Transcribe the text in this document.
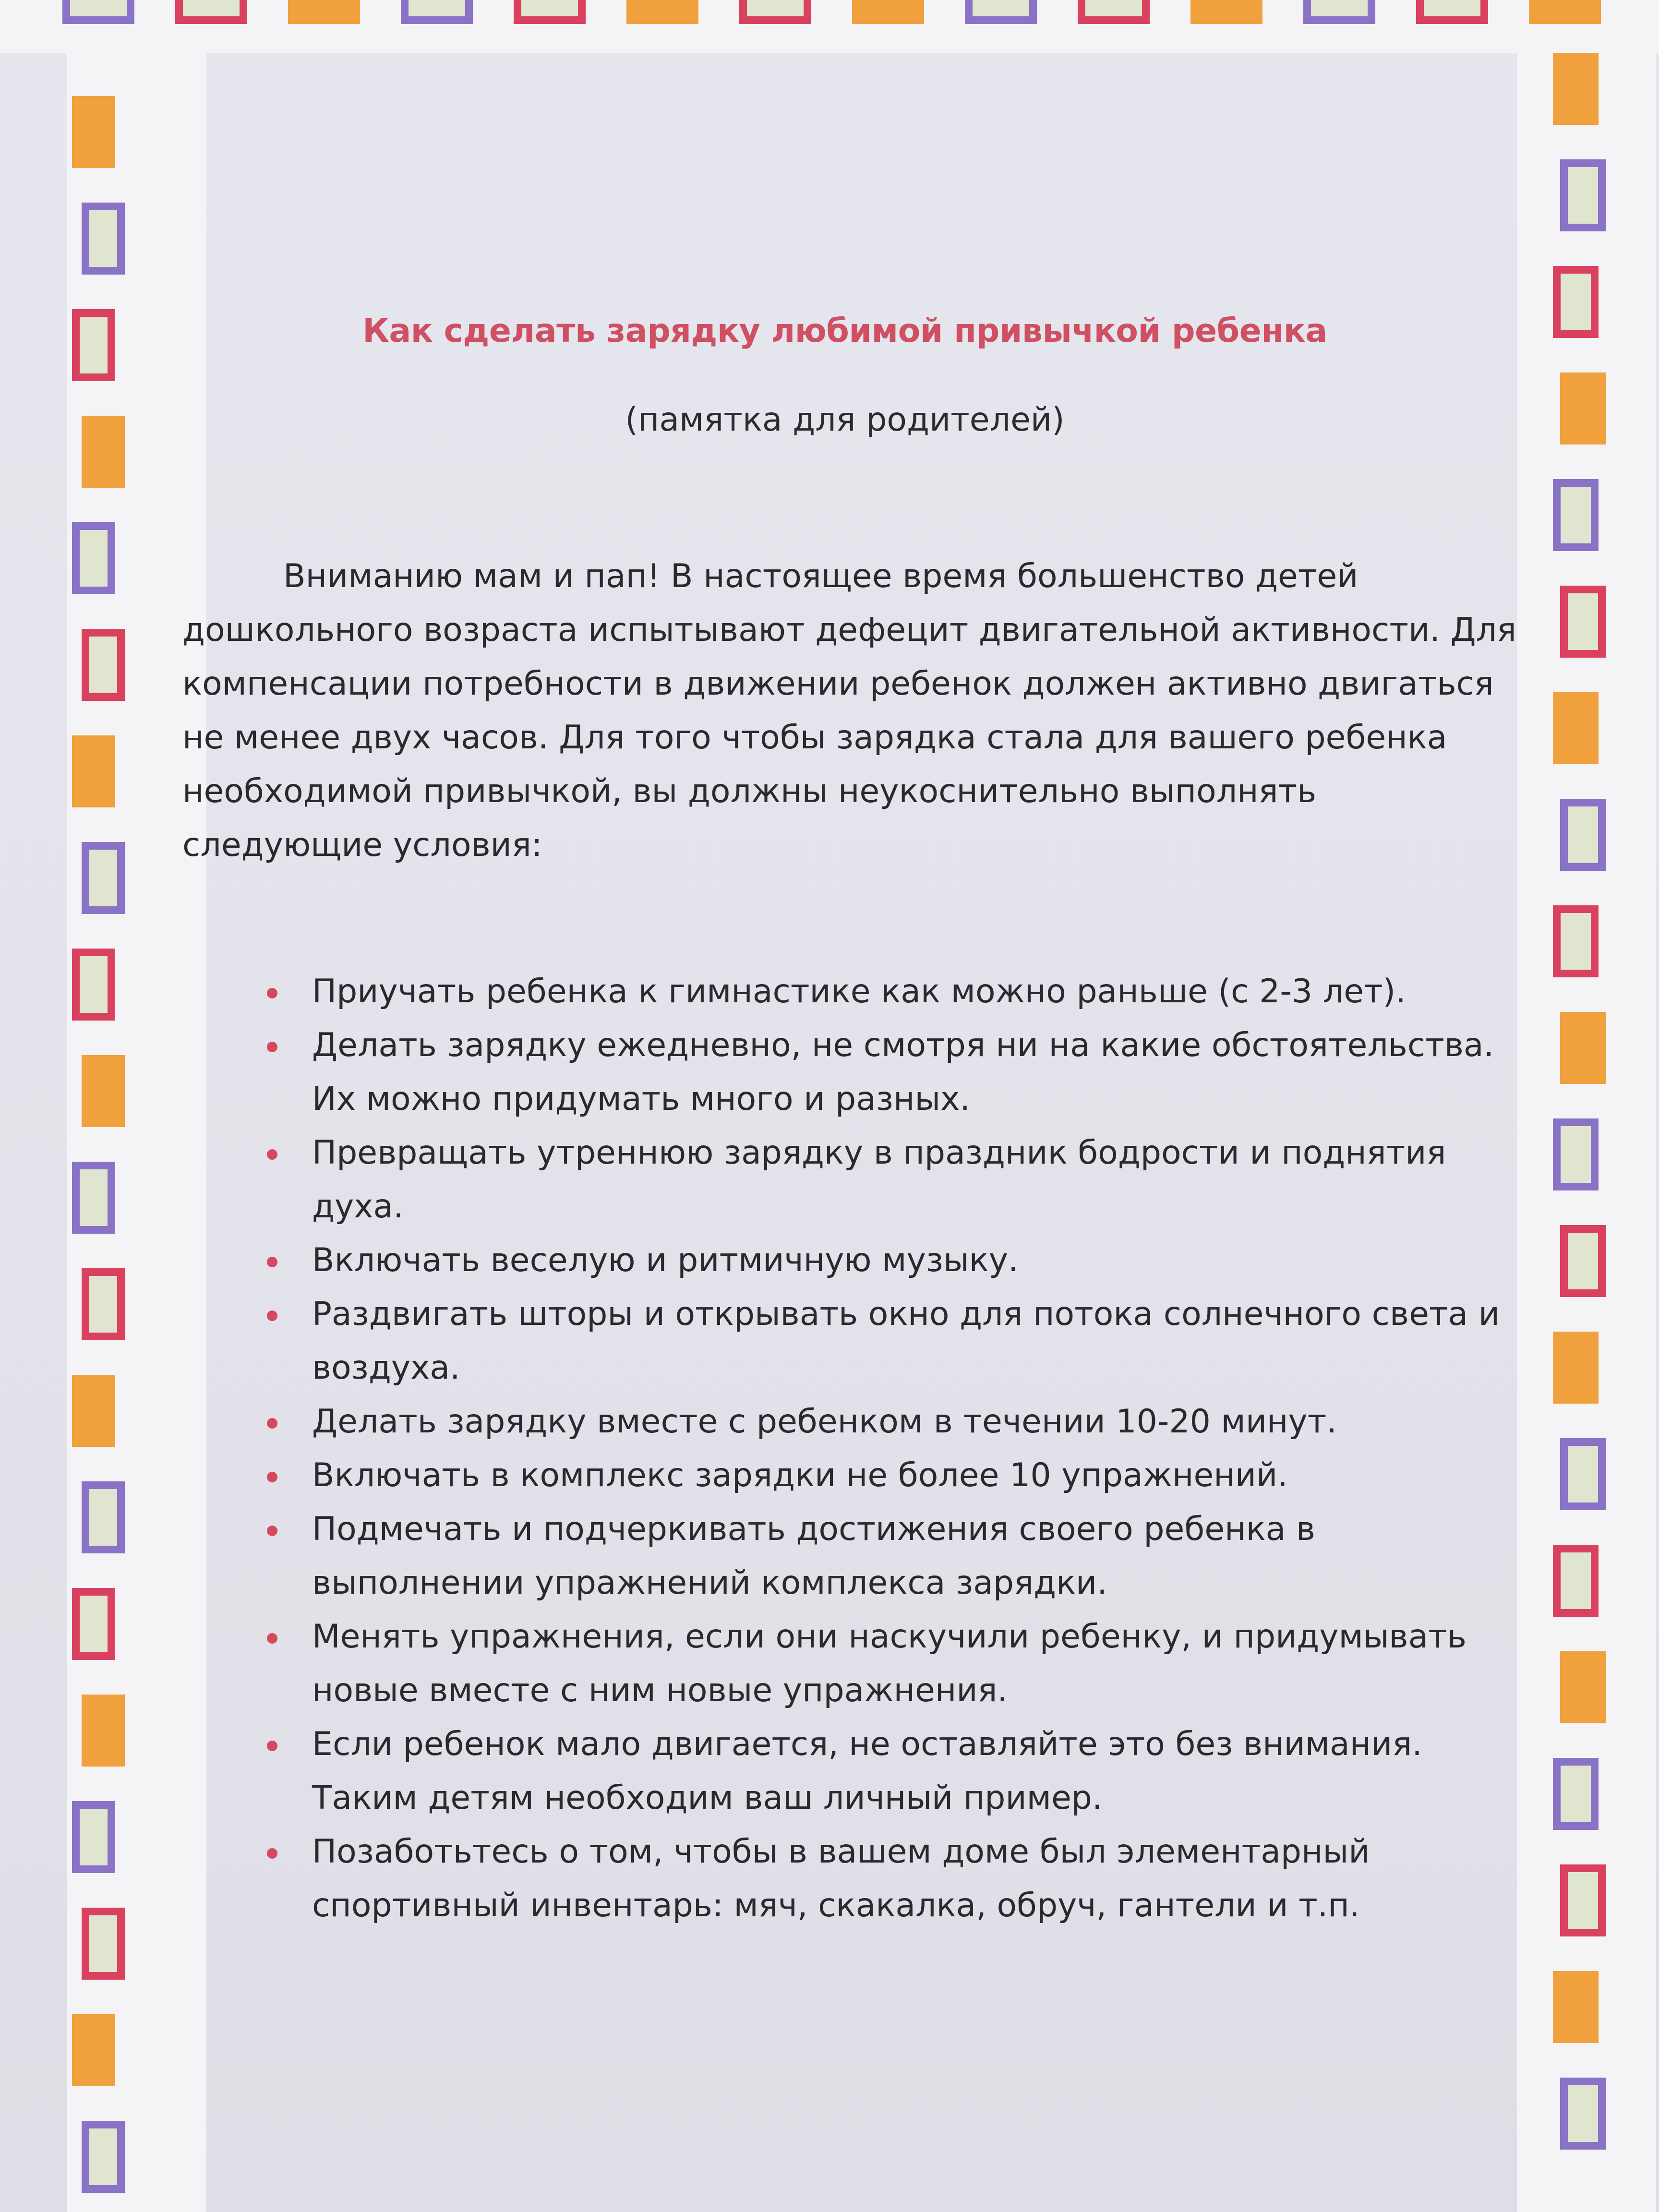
Как сделать зарядку любимой привычкой ребенка
(памятка для родителей)

Вниманию мам и пап! В настоящее время большенство детей дошкольного возраста испытывают дефецит двигательной активности. Для компенсации потребности в движении ребенок должен активно двигаться не менее двух часов. Для того чтобы зарядка стала для вашего ребенка необходимой привычкой, вы должны неукоснительно выполнять следующие условия:

Приучать ребенка к гимнастике как можно раньше (с 2-3 лет).
Делать зарядку ежедневно, не смотря ни на какие обстоятельства. Их можно придумать много и разных.
Превращать утреннюю зарядку в праздник бодрости и поднятия духа.
Включать веселую и ритмичную музыку.
Раздвигать шторы и открывать окно для потока солнечного света и воздуха.
Делать зарядку вместе с ребенком в течении 10-20 минут.
Включать в комплекс зарядки не более 10 упражнений.
Подмечать и подчеркивать достижения своего ребенка в выполнении упражнений комплекса зарядки.
Менять упражнения, если они наскучили ребенку, и придумывать новые вместе с ним новые упражнения.
Если ребенок мало двигается, не оставляйте это без внимания. Таким детям необходим ваш личный пример.
Позаботьтесь о том, чтобы в вашем доме был элементарный спортивный инвентарь: мяч, скакалка, обруч, гантели и т.п.
